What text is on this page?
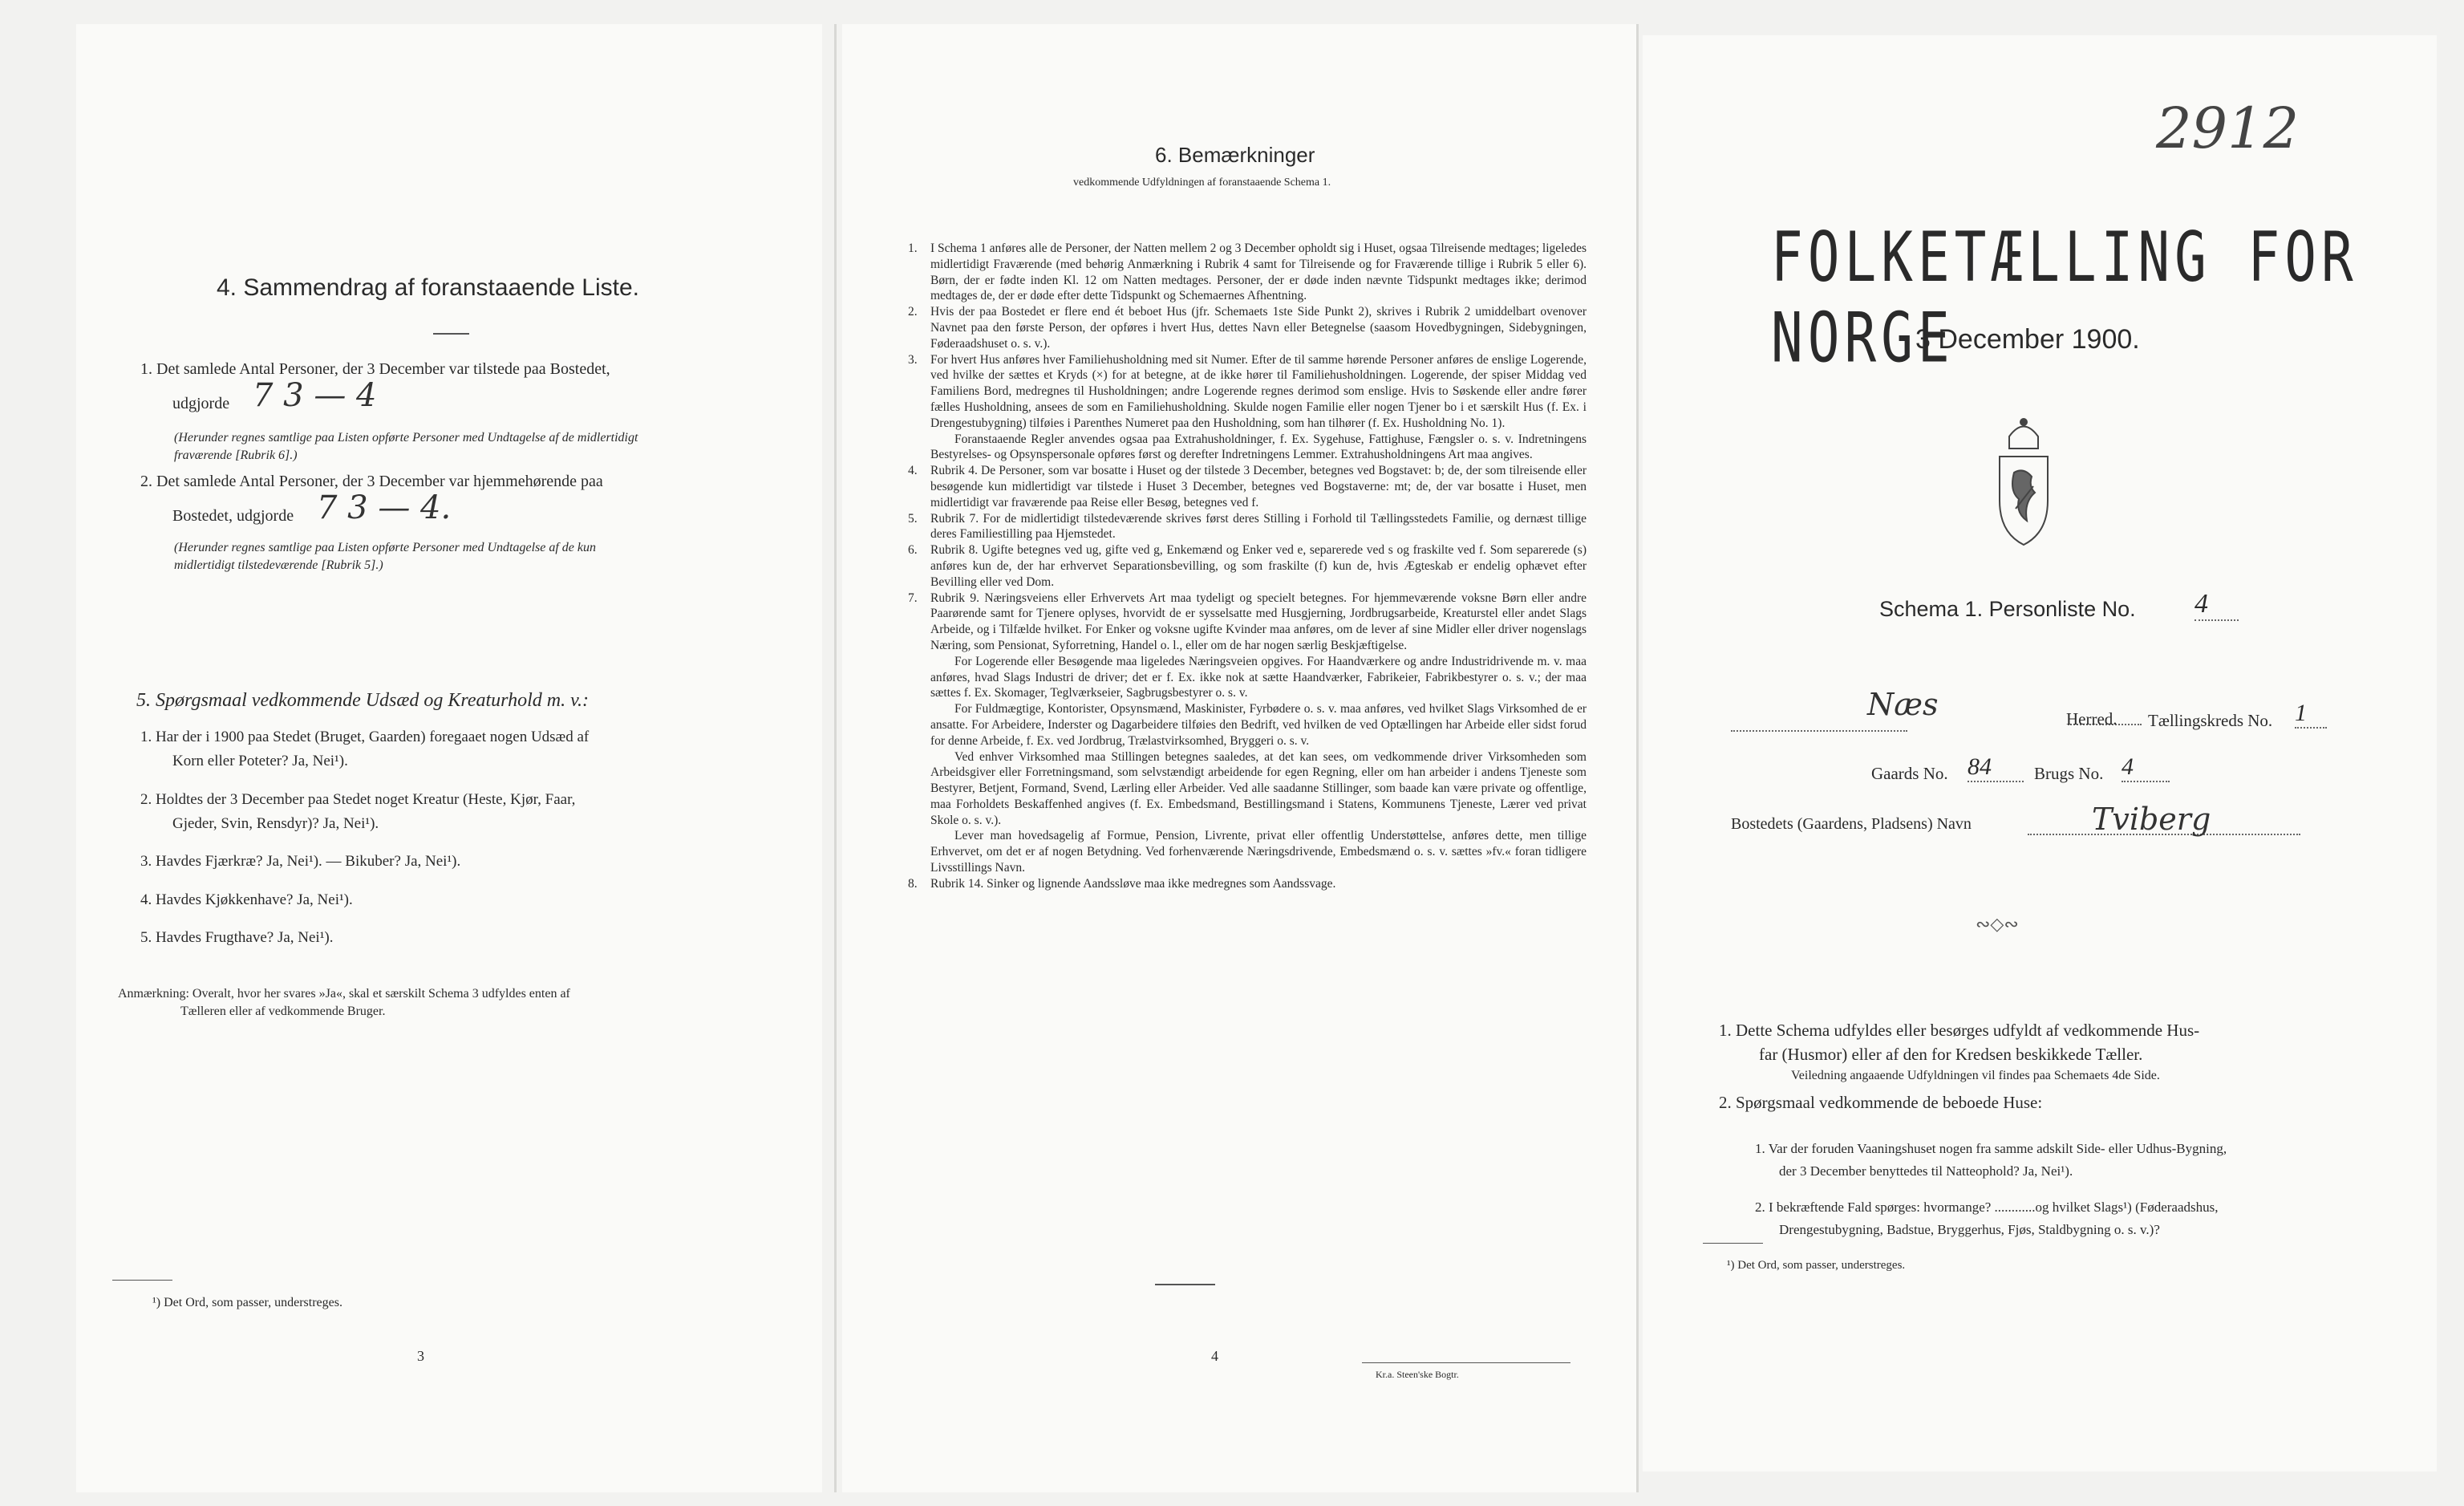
4. Sammendrag af foranstaaende Liste.
1. Det samlede Antal Personer, der 3 December var tilstede paa Bostedet,
udgjorde 7 3 — 4
(Herunder regnes samtlige paa Listen opførte Personer med Undtagelse af de midlertidigt
fraværende [Rubrik 6].)
2. Det samlede Antal Personer, der 3 December var hjemmehørende paa
Bostedet, udgjorde 7 3 — 4.
(Herunder regnes samtlige paa Listen opførte Personer med Undtagelse af de kun
midlertidigt tilstedeværende [Rubrik 5].)
5. Spørgsmaal vedkommende Udsæd og Kreaturhold m. v.:
1. Har der i 1900 paa Stedet (Bruget, Gaarden) foregaaet nogen Udsæd af
Korn eller Poteter? Ja, Nei¹).
2. Holdtes der 3 December paa Stedet noget Kreatur (Heste, Kjør, Faar,
Gjeder, Svin, Rensdyr)? Ja, Nei¹).
3. Havdes Fjærkræ? Ja, Nei¹). — Bikuber? Ja, Nei¹).
4. Havdes Kjøkkenhave? Ja, Nei¹).
5. Havdes Frugthave? Ja, Nei¹).
Anmærkning: Overalt, hvor her svares »Ja«, skal et særskilt Schema 3 udfyldes enten af
Tælleren eller af vedkommende Bruger.
¹) Det Ord, som passer, understreges.
3
6. Bemærkninger
vedkommende Udfyldningen af foranstaaende Schema 1.
1. I Schema 1 anføres alle de Personer, der Natten mellem 2 og 3 December opholdt sig i Huset, ogsaa Tilreisende medtages; ligeledes midlertidigt Fraværende (med behørig Anmærkning i Rubrik 4 samt for Tilreisende og for Fraværende tillige i Rubrik 5 eller 6). Børn, der er fødte inden Kl. 12 om Natten medtages. Personer, der er døde inden nævnte Tidspunkt medtages ikke; derimod medtages de, der er døde efter dette Tidspunkt og Schemaernes Afhentning.
2. Hvis der paa Bostedet er flere end ét beboet Hus (jfr. Schemaets 1ste Side Punkt 2), skrives i Rubrik 2 umiddelbart ovenover Navnet paa den første Person, der opføres i hvert Hus, dettes Navn eller Betegnelse (saasom Hovedbygningen, Sidebygningen, Føderaadshuset o. s. v.).
3. For hvert Hus anføres hver Familiehusholdning med sit Numer. Efter de til samme hørende Personer anføres de enslige Logerende, ved hvilke der sættes et Kryds (×) for at betegne, at de ikke hører til Familiehusholdningen. Logerende, der spiser Middag ved Familiens Bord, medregnes til Husholdningen; andre Logerende regnes derimod som enslige. Hvis to Søskende eller andre fører fælles Husholdning, ansees de som en Familiehusholdning. Skulde nogen Familie eller nogen Tjener bo i et særskilt Hus (f. Ex. i Drengestubygning) tilføies i Parenthes Numeret paa den Husholdning, som han tilhører (f. Ex. Husholdning No. 1).
Foranstaaende Regler anvendes ogsaa paa Extrahusholdninger, f. Ex. Sygehuse, Fattighuse, Fængsler o. s. v. Indretningens Bestyrelses- og Opsynspersonale opføres først og derefter Indretningens Lemmer. Extrahusholdningens Art maa angives.
4. Rubrik 4. De Personer, som var bosatte i Huset og der tilstede 3 December, betegnes ved Bogstavet: b; de, der som tilreisende eller besøgende kun midlertidigt var tilstede i Huset 3 December, betegnes ved Bogstaverne: mt; de, der var bosatte i Huset, men midlertidigt var fraværende paa Reise eller Besøg, betegnes ved f.
5. Rubrik 7. For de midlertidigt tilstedeværende skrives først deres Stilling i Forhold til Tællingsstedets Familie, og dernæst tillige deres Familiestilling paa Hjemstedet.
6. Rubrik 8. Ugifte betegnes ved ug, gifte ved g, Enkemænd og Enker ved e, separerede ved s og fraskilte ved f. Som separerede (s) anføres kun de, der har erhvervet Separationsbevilling, og som fraskilte (f) kun de, hvis Ægteskab er endelig ophævet efter Bevilling eller ved Dom.
7. Rubrik 9. Næringsveiens eller Erhvervets Art maa tydeligt og specielt betegnes. For hjemmeværende voksne Børn eller andre Paarørende samt for Tjenere oplyses, hvorvidt de er sysselsatte med Husgjerning, Jordbrugsarbeide, Kreaturstel eller andet Slags Arbeide, og i Tilfælde hvilket. For Enker og voksne ugifte Kvinder maa anføres, om de lever af sine Midler eller driver nogenslags Næring, som Pensionat, Syforretning, Handel o. l., eller om de har nogen særlig Beskjæftigelse.
For Logerende eller Besøgende maa ligeledes Næringsveien opgives. For Haandværkere og andre Industridrivende m. v. maa anføres, hvad Slags Industri de driver; det er f. Ex. ikke nok at sætte Haandværker, Fabrikeier, Fabrikbestyrer o. s. v.; der maa sættes f. Ex. Skomager, Teglværkseier, Sagbrugsbestyrer o. s. v.
For Fuldmægtige, Kontorister, Opsynsmænd, Maskinister, Fyrbødere o. s. v. maa anføres, ved hvilket Slags Virksomhed de er ansatte. For Arbeidere, Inderster og Dagarbeidere tilføies den Bedrift, ved hvilken de ved Optællingen har Arbeide eller sidst forud for denne Arbeide, f. Ex. ved Jordbrug, Trælastvirksomhed, Bryggeri o. s. v.
Ved enhver Virksomhed maa Stillingen betegnes saaledes, at det kan sees, om vedkommende driver Virksomheden som Arbeidsgiver eller Forretningsmand, som selvstændigt arbeidende for egen Regning, eller om han arbeider i andens Tjeneste som Bestyrer, Betjent, Formand, Svend, Lærling eller Arbeider. Ved alle saadanne Stillinger, som baade kan være private og offentlige, maa Forholdets Beskaffenhed angives (f. Ex. Embedsmand, Bestillingsmand i Statens, Kommunens Tjeneste, Lærer ved privat Skole o. s. v.).
Lever man hovedsagelig af Formue, Pension, Livrente, privat eller offentlig Understøttelse, anføres dette, men tillige Erhvervet, om det er af nogen Betydning. Ved forhenværende Næringsdrivende, Embedsmænd o. s. v. sættes »fv.« foran tidligere Livsstillings Navn.
8. Rubrik 14. Sinker og lignende Aandssløve maa ikke medregnes som Aandssvage.
4
Kr.a. Steen'ske Bogtr.
2912
FOLKETÆLLING FOR NORGE
3 December 1900.
Schema 1. Personliste No. 4
Næs	Herred. Tællingskreds No. 1
Gaards No. 84	Brugs No. 4
Bostedets (Gaardens, Pladsens) Navn	Tviberg
∾◇∾
1. Dette Schema udfyldes eller besørges udfyldt af vedkommende Hus-
far (Husmor) eller af den for Kredsen beskikkede Tæller.
Veiledning angaaende Udfyldningen vil findes paa Schemaets 4de Side.
2. Spørgsmaal vedkommende de beboede Huse:
1. Var der foruden Vaaningshuset nogen fra samme adskilt Side- eller Udhus-Bygning,
der 3 December benyttedes til Natteophold? Ja, Nei¹).
2. I bekræftende Fald spørges: hvormange? ............og hvilket Slags¹) (Føderaadshus,
Drengestubygning, Badstue, Bryggerhus, Fjøs, Staldbygning o. s. v.)?
¹) Det Ord, som passer, understreges.
